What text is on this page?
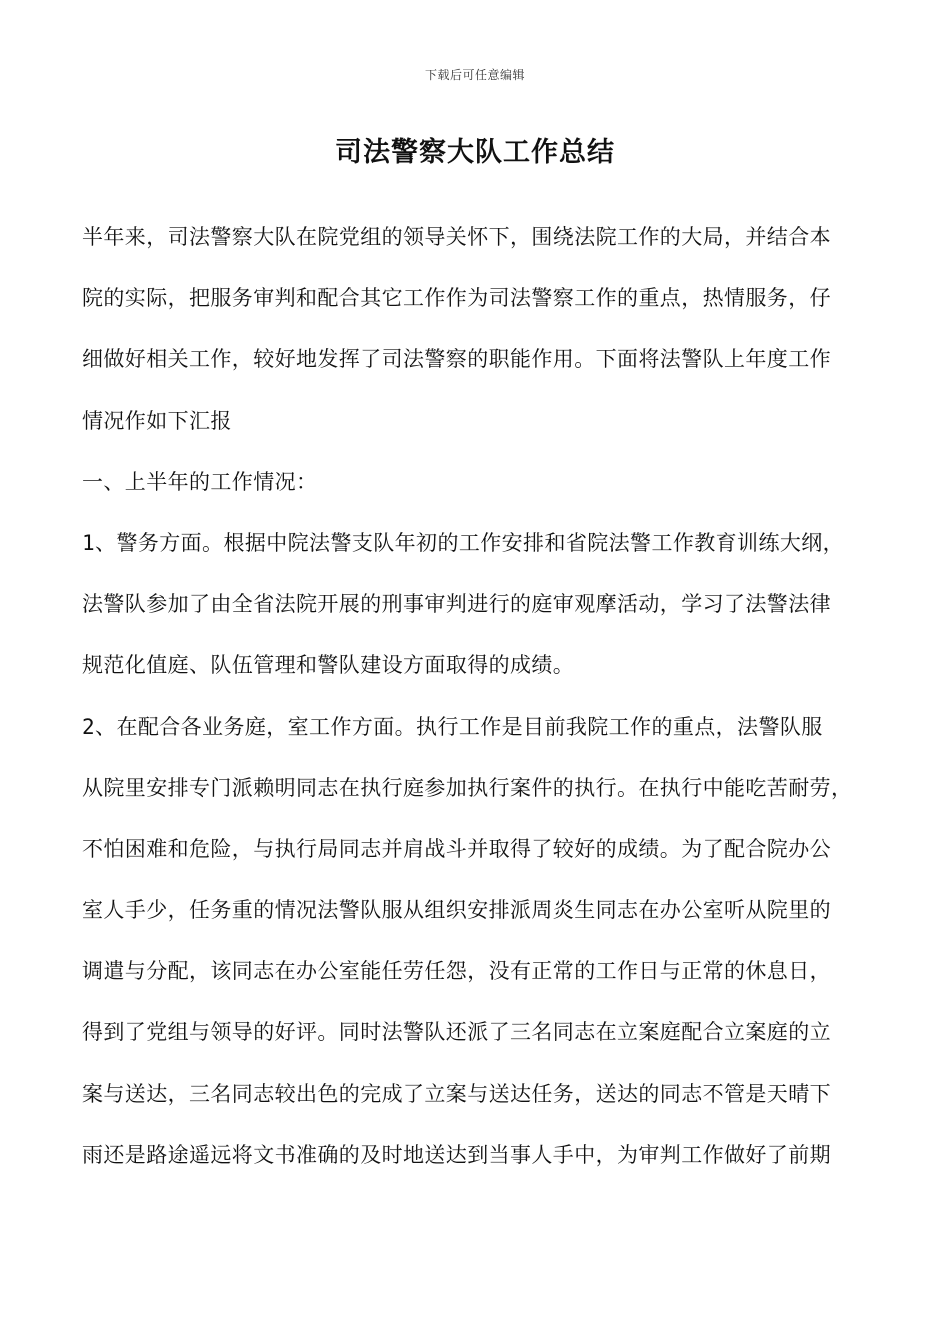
下载后可任意编辑
司法警察大队工作总结
半年来，司法警察大队在院党组的领导关怀下，围绕法院工作的大局，并结合本
院的实际，把服务审判和配合其它工作作为司法警察工作的重点，热情服务，仔
细做好相关工作，较好地发挥了司法警察的职能作用。下面将法警队上年度工作
情况作如下汇报
一、上半年的工作情况：
1、警务方面。根据中院法警支队年初的工作安排和省院法警工作教育训练大纲，
法警队参加了由全省法院开展的刑事审判进行的庭审观摩活动，学习了法警法律
规范化值庭、队伍管理和警队建设方面取得的成绩。
2、在配合各业务庭，室工作方面。执行工作是目前我院工作的重点，法警队服
从院里安排专门派赖明同志在执行庭参加执行案件的执行。在执行中能吃苦耐劳，
不怕困难和危险，与执行局同志并肩战斗并取得了较好的成绩。为了配合院办公
室人手少，任务重的情况法警队服从组织安排派周炎生同志在办公室听从院里的
调遣与分配，该同志在办公室能任劳任怨，没有正常的工作日与正常的休息日，
得到了党组与领导的好评。同时法警队还派了三名同志在立案庭配合立案庭的立
案与送达，三名同志较出色的完成了立案与送达任务，送达的同志不管是天晴下
雨还是路途遥远将文书准确的及时地送达到当事人手中，为审判工作做好了前期
